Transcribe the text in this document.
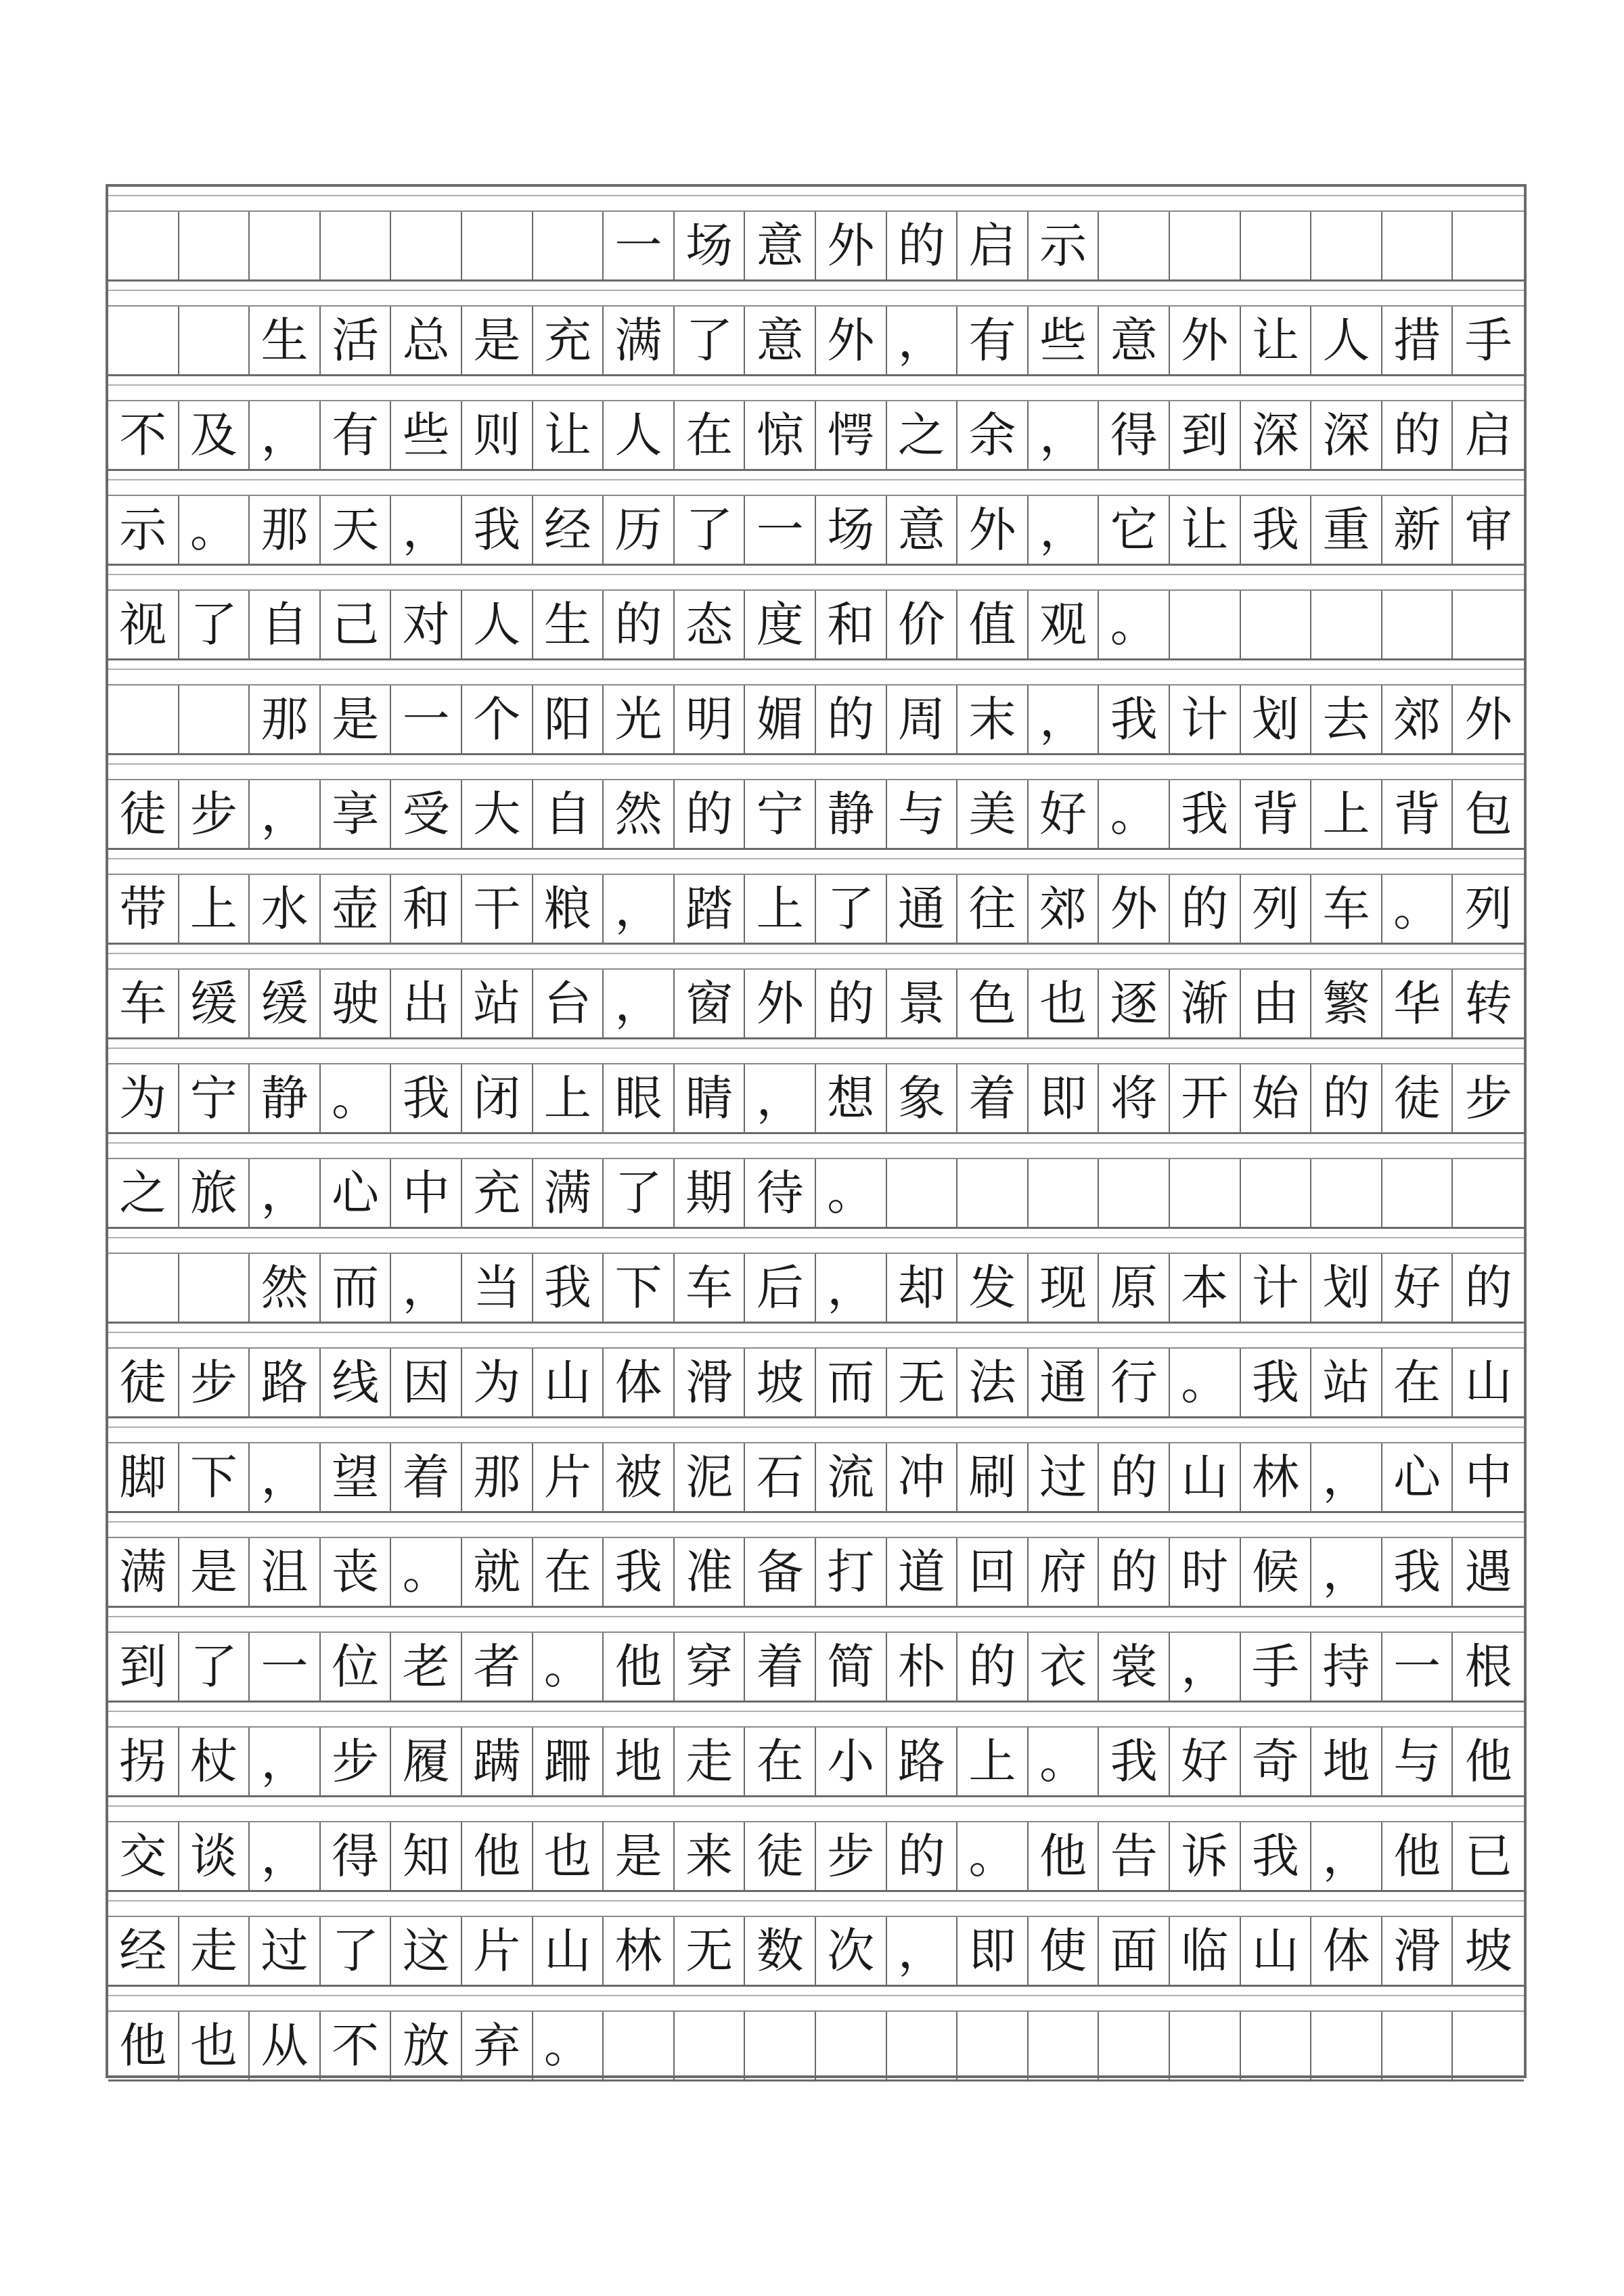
一 场 意 外 的 启 示

生 活 总 是 充 满 了 意 外 ， 有 些 意 外 让 人 措 手
不 及 ， 有 些 则 让 人 在 惊 愕 之 余 ， 得 到 深 深 的 启
示 。 那 天 ， 我 经 历 了 一 场 意 外 ， 它 让 我 重 新 审
视 了 自 己 对 人 生 的 态 度 和 价 值 观 。

那 是 一 个 阳 光 明 媚 的 周 末 ， 我 计 划 去 郊 外
徒 步 ， 享 受 大 自 然 的 宁 静 与 美 好 。 我 背 上 背 包
带 上 水 壶 和 干 粮 ， 踏 上 了 通 往 郊 外 的 列 车 。 列
车 缓 缓 驶 出 站 台 ， 窗 外 的 景 色 也 逐 渐 由 繁 华 转
为 宁 静 。 我 闭 上 眼 睛 ， 想 象 着 即 将 开 始 的 徒 步
之 旅 ， 心 中 充 满 了 期 待 。

然 而 ， 当 我 下 车 后 ， 却 发 现 原 本 计 划 好 的
徒 步 路 线 因 为 山 体 滑 坡 而 无 法 通 行 。 我 站 在 山
脚 下 ， 望 着 那 片 被 泥 石 流 冲 刷 过 的 山 林 ， 心 中
满 是 沮 丧 。 就 在 我 准 备 打 道 回 府 的 时 候 ， 我 遇
到 了 一 位 老 者 。 他 穿 着 简 朴 的 衣 裳 ， 手 持 一 根
拐 杖 ， 步 履 蹒 跚 地 走 在 小 路 上 。 我 好 奇 地 与 他
交 谈 ， 得 知 他 也 是 来 徒 步 的 。 他 告 诉 我 ， 他 已
经 走 过 了 这 片 山 林 无 数 次 ， 即 使 面 临 山 体 滑 坡
他 也 从 不 放 弃 。
